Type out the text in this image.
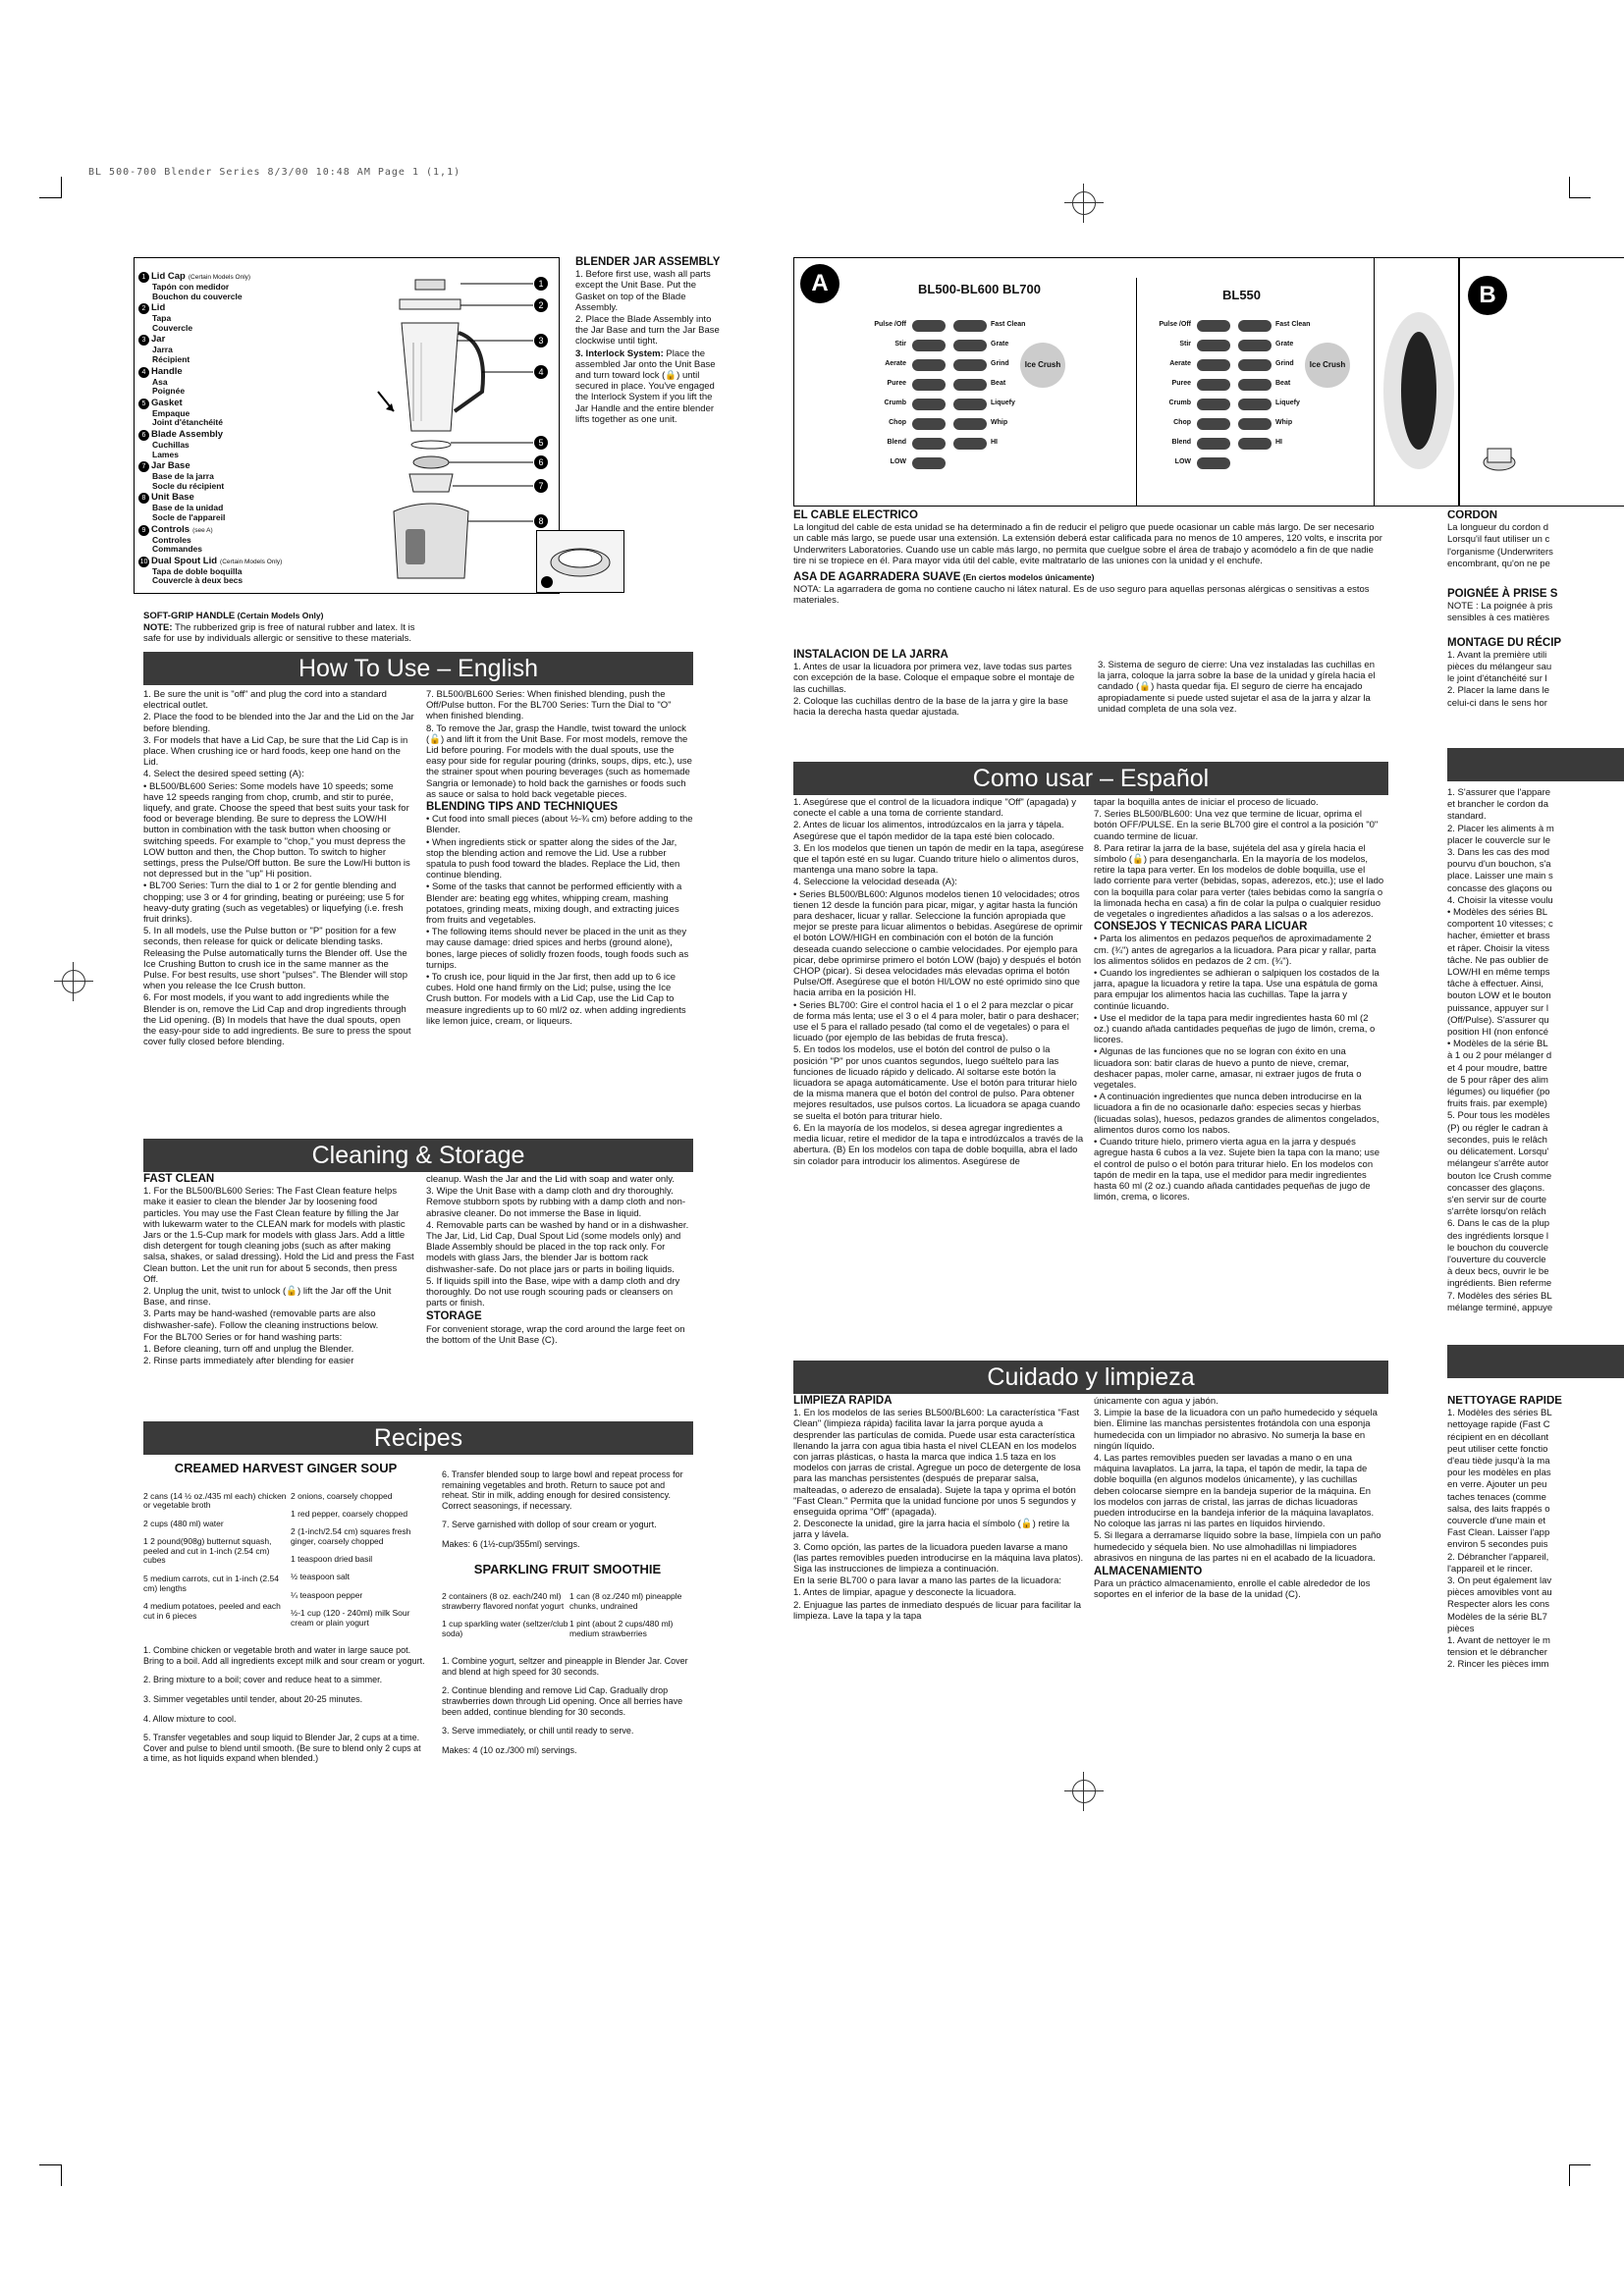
BL 500-700 Blender Series 8/3/00 10:48 AM Page 1 (1,1)
1 Lid Cap (Certain Models Only)
Tapón con medidor
Bouchon du couvercle
2 Lid
Tapa
Couvercle
3 Jar
Jarra
Récipient
4 Handle
Asa
Poignée
5 Gasket
Empaque
Joint d'étanchéité
6 Blade Assembly
Cuchillas
Lames
7 Jar Base
Base de la jarra
Socle du récipient
8 Unit Base
Base de la unidad
Socle de l'appareil
9 Controls (see A)
Controles
Commandes
10 Dual Spout Lid (Certain Models Only)
Tapa de doble boquilla
Couvercle à deux becs
1
2
3
4
5
6
7
8

BLENDER JAR ASSEMBLY

1. Before first use, wash all parts except the Unit Base. Put the Gasket on top of the Blade Assembly.

2. Place the Blade Assembly into the Jar Base and turn the Jar Base clockwise until tight.

3. Interlock System: Place the assembled Jar onto the Unit Base and turn toward lock (🔒) until secured in place. You've engaged the Interlock System if you lift the Jar Handle and the entire blender lifts together as one unit.

SOFT-GRIP HANDLE (Certain Models Only)

NOTE: The rubberized grip is free of natural rubber and latex. It is safe for use by individuals allergic or sensitive to these materials.

How To Use – English

1. Be sure the unit is "off" and plug the cord into a standard electrical outlet.

2. Place the food to be blended into the Jar and the Lid on the Jar before blending.

3. For models that have a Lid Cap, be sure that the Lid Cap is in place. When crushing ice or hard foods, keep one hand on the Lid.

4. Select the desired speed setting (A):

• BL500/BL600 Series: Some models have 10 speeds; some have 12 speeds ranging from chop, crumb, and stir to purée, liquefy, and grate. Choose the speed that best suits your task for food or beverage blending. Be sure to depress the LOW/HI button in combination with the task button when choosing or switching speeds. For example to "chop," you must depress the LOW button and then, the Chop button. To switch to higher settings, press the Pulse/Off button. Be sure the Low/Hi button is not depressed but in the "up" Hi position.

• BL700 Series: Turn the dial to 1 or 2 for gentle blending and chopping; use 3 or 4 for grinding, beating or puréeing; use 5 for heavy-duty grating (such as vegetables) or liquefying (i.e. fresh fruit drinks).

5. In all models, use the Pulse button or "P" position for a few seconds, then release for quick or delicate blending tasks. Releasing the Pulse automatically turns the Blender off. Use the Ice Crushing Button to crush ice in the same manner as the Pulse. For best results, use short "pulses". The Blender will stop when you release the Ice Crush button.

6. For most models, if you want to add ingredients while the Blender is on, remove the Lid Cap and drop ingredients through the Lid opening. (B) In models that have the dual spouts, open the easy-pour side to add ingredients. Be sure to press the spout cover fully closed before blending.

7. BL500/BL600 Series: When finished blending, push the Off/Pulse button. For the BL700 Series: Turn the Dial to "O" when finished blending.

8. To remove the Jar, grasp the Handle, twist toward the unlock (🔓) and lift it from the Unit Base. For most models, remove the Lid before pouring. For models with the dual spouts, use the easy pour side for regular pouring (drinks, soups, dips, etc.), use the strainer spout when pouring beverages (such as homemade Sangria or lemonade) to hold back the garnishes or foods such as sauce or salsa to hold back vegetable pieces.

BLENDING TIPS AND TECHNIQUES

• Cut food into small pieces (about ½-¾ cm) before adding to the Blender.

• When ingredients stick or spatter along the sides of the Jar, stop the blending action and remove the Lid. Use a rubber spatula to push food toward the blades. Replace the Lid, then continue blending.

• Some of the tasks that cannot be performed efficiently with a Blender are: beating egg whites, whipping cream, mashing potatoes, grinding meats, mixing dough, and extracting juices from fruits and vegetables.

• The following items should never be placed in the unit as they may cause damage: dried spices and herbs (ground alone), bones, large pieces of solidly frozen foods, tough foods such as turnips.

• To crush ice, pour liquid in the Jar first, then add up to 6 ice cubes. Hold one hand firmly on the Lid; pulse, using the Ice Crush button. For models with a Lid Cap, use the Lid Cap to measure ingredients up to 60 ml/2 oz. when adding ingredients like lemon juice, cream, or liqueurs.

Cleaning & Storage

FAST CLEAN

1. For the BL500/BL600 Series: The Fast Clean feature helps make it easier to clean the blender Jar by loosening food particles. You may use the Fast Clean feature by filling the Jar with lukewarm water to the CLEAN mark for models with plastic Jars or the 1.5-Cup mark for models with glass Jars. Add a little dish detergent for tough cleaning jobs (such as after making salsa, shakes, or salad dressing). Hold the Lid and press the Fast Clean button. Let the unit run for about 5 seconds, then press Off.

2. Unplug the unit, twist to unlock (🔓) lift the Jar off the Unit Base, and rinse.

3. Parts may be hand-washed (removable parts are also dishwasher-safe). Follow the cleaning instructions below.

For the BL700 Series or for hand washing parts:

1. Before cleaning, turn off and unplug the Blender.

2. Rinse parts immediately after blending for easier

cleanup. Wash the Jar and the Lid with soap and water only.

3. Wipe the Unit Base with a damp cloth and dry thoroughly. Remove stubborn spots by rubbing with a damp cloth and non-abrasive cleaner. Do not immerse the Base in liquid.

4. Removable parts can be washed by hand or in a dishwasher. The Jar, Lid, Lid Cap, Dual Spout Lid (some models only) and Blade Assembly should be placed in the top rack only. For models with glass Jars, the blender Jar is bottom rack dishwasher-safe. Do not place jars or parts in boiling liquids.

5. If liquids spill into the Base, wipe with a damp cloth and dry thoroughly. Do not use rough scouring pads or cleansers on parts or finish.

STORAGE

For convenient storage, wrap the cord around the large feet on the bottom of the Unit Base (C).

Recipes

CREAMED HARVEST GINGER SOUP

2 cans (14 ½ oz./435 ml each) chicken or vegetable broth

2 cups (480 ml) water

1 2 pound(908g) butternut squash, peeled and cut in 1-inch (2.54 cm) cubes

5 medium carrots, cut in 1-inch (2.54 cm) lengths

4 medium potatoes, peeled and each cut in 6 pieces

2 onions, coarsely chopped

1 red pepper, coarsely chopped

2 (1-inch/2.54 cm) squares fresh ginger, coarsely chopped

1 teaspoon dried basil

½ teaspoon salt

¼ teaspoon pepper

½-1 cup (120 - 240ml) milk Sour cream or plain yogurt

1. Combine chicken or vegetable broth and water in large sauce pot. Bring to a boil. Add all ingredients except milk and sour cream or yogurt.

2. Bring mixture to a boil; cover and reduce heat to a simmer.

3. Simmer vegetables until tender, about 20-25 minutes.

4. Allow mixture to cool.

5. Transfer vegetables and soup liquid to Blender Jar, 2 cups at a time. Cover and pulse to blend until smooth. (Be sure to blend only 2 cups at a time, as hot liquids expand when blended.)

6. Transfer blended soup to large bowl and repeat process for remaining vegetables and broth. Return to sauce pot and reheat. Stir in milk, adding enough for desired consistency. Correct seasonings, if necessary.

7. Serve garnished with dollop of sour cream or yogurt.

Makes: 6 (1½-cup/355ml) servings.

SPARKLING FRUIT SMOOTHIE

2 containers (8 oz. each/240 ml) strawberry flavored nonfat yogurt

1 cup sparkling water (seltzer/club soda)

1 can (8 oz./240 ml) pineapple chunks, undrained

1 pint (about 2 cups/480 ml) medium strawberries

1. Combine yogurt, seltzer and pineapple in Blender Jar. Cover and blend at high speed for 30 seconds.

2. Continue blending and remove Lid Cap. Gradually drop strawberries down through Lid opening. Once all berries have been added, continue blending for 30 seconds.

3. Serve immediately, or chill until ready to serve.

Makes: 4 (10 oz./300 ml) servings.

A	BL500-BL600 BL700	BL550
Pulse /Off	Fast Clean
Stir	Grate
Aerate	Grind
Puree	Beat
Crumb	Liquefy
Chop	Whip
Blend	HI
LOW
Ice Crush
Pulse /Off	Fast Clean
Stir	Grate
Aerate	Grind
Puree	Beat
Crumb	Liquefy
Chop	Whip
Blend	HI
LOW
Ice Crush
B

EL CABLE ELECTRICO

La longitud del cable de esta unidad se ha determinado a fin de reducir el peligro que puede ocasionar un cable más largo. De ser necesario un cable más largo, se puede usar una extensión. La extensión deberá estar calificada para no menos de 10 amperes, 120 volts, e inscrita por Underwriters Laboratories. Cuando use un cable más largo, no permita que cuelgue sobre el área de trabajo y acomódelo a fin de que nadie tire ni se tropiece en él. Para mayor vida útil del cable, evite maltratarlo de las uniones con la unidad y el enchufe.

ASA DE AGARRADERA SUAVE (En ciertos modelos únicamente)

NOTA: La agarradera de goma no contiene caucho ni látex natural. Es de uso seguro para aquellas personas alérgicas o sensitivas a estos materiales.

INSTALACION DE LA JARRA

1. Antes de usar la licuadora por primera vez, lave todas sus partes con excepción de la base. Coloque el empaque sobre el montaje de las cuchillas.

2. Coloque las cuchillas dentro de la base de la jarra y gire la base hacia la derecha hasta quedar ajustada.

3. Sistema de seguro de cierre: Una vez instaladas las cuchillas en la jarra, coloque la jarra sobre la base de la unidad y gírela hacia el candado (🔒) hasta quedar fija. El seguro de cierre ha encajado apropiadamente si puede usted sujetar el asa de la jarra y alzar la unidad completa de una sola vez.

Como usar – Español

1. Asegúrese que el control de la licuadora indique "Off" (apagada) y conecte el cable a una toma de corriente standard.

2. Antes de licuar los alimentos, introdúzcalos en la jarra y tápela. Asegúrese que el tapón medidor de la tapa esté bien colocado.

3. En los modelos que tienen un tapón de medir en la tapa, asegúrese que el tapón esté en su lugar. Cuando triture hielo o alimentos duros, mantenga una mano sobre la tapa.

4. Seleccione la velocidad deseada (A):

• Series BL500/BL600: Algunos modelos tienen 10 velocidades; otros tienen 12 desde la función para picar, migar, y agitar hasta la función para deshacer, licuar y rallar. Seleccione la función apropiada que mejor se preste para licuar alimentos o bebidas. Asegúrese de oprimir el botón LOW/HIGH en combinación con el botón de la función deseada cuando seleccione o cambie velocidades. Por ejemplo para picar, debe oprimirse primero el botón LOW (bajo) y después el botón CHOP (picar). Si desea velocidades más elevadas oprima el botón Pulse/Off. Asegúrese que el botón HI/LOW no esté oprimido sino que hacia arriba en la posición HI.

• Series BL700: Gire el control hacia el 1 o el 2 para mezclar o picar de forma más lenta; use el 3 o el 4 para moler, batir o para deshacer; use el 5 para el rallado pesado (tal como el de vegetales) o para el licuado (por ejemplo de las bebidas de fruta fresca).

5. En todos los modelos, use el botón del control de pulso o la posición "P" por unos cuantos segundos, luego suéltelo para las funciones de licuado rápido y delicado. Al soltarse este botón la licuadora se apaga automáticamente. Use el botón para triturar hielo de la misma manera que el botón del control de pulso. Para obtener mejores resultados, use pulsos cortos. La licuadora se apaga cuando se suelta el botón para triturar hielo.

6. En la mayoría de los modelos, si desea agregar ingredientes a media licuar, retire el medidor de la tapa e introdúzcalos a través de la abertura. (B) En los modelos con tapa de doble boquilla, abra el lado sin colador para introducir los alimentos. Asegúrese de

tapar la boquilla antes de iniciar el proceso de licuado.

7. Series BL500/BL600: Una vez que termine de licuar, oprima el botón OFF/PULSE. En la serie BL700 gire el control a la posición "0" cuando termine de licuar.

8. Para retirar la jarra de la base, sujétela del asa y gírela hacia el símbolo (🔓) para desengancharla. En la mayoría de los modelos, retire la tapa para verter. En los modelos de doble boquilla, use el lado corriente para verter (bebidas, sopas, aderezos, etc.); use el lado con la boquilla para colar para verter (tales bebidas como la sangría o la limonada hecha en casa) a fin de colar la pulpa o cualquier residuo de vegetales o ingredientes añadidos a las salsas o a los aderezos.

CONSEJOS Y TECNICAS PARA LICUAR

• Parta los alimentos en pedazos pequeños de aproximadamente 2 cm. (¾") antes de agregarlos a la licuadora. Para picar y rallar, parta los alimentos sólidos en pedazos de 2 cm. (¾").

• Cuando los ingredientes se adhieran o salpiquen los costados de la jarra, apague la licuadora y retire la tapa. Use una espátula de goma para empujar los alimentos hacia las cuchillas. Tape la jarra y continúe licuando.

• Use el medidor de la tapa para medir ingredientes hasta 60 ml (2 oz.) cuando añada cantidades pequeñas de jugo de limón, crema, o licores.

• Algunas de las funciones que no se logran con éxito en una licuadora son: batir claras de huevo a punto de nieve, cremar, deshacer papas, moler carne, amasar, ni extraer jugos de fruta o vegetales.

• A continuación ingredientes que nunca deben introducirse en la licuadora a fin de no ocasionarle daño: especies secas y hierbas (licuadas solas), huesos, pedazos grandes de alimentos congelados, alimentos duros como los nabos.

• Cuando triture hielo, primero vierta agua en la jarra y después agregue hasta 6 cubos a la vez. Sujete bien la tapa con la mano; use el control de pulso o el botón para triturar hielo. En los modelos con tapón de medir en la tapa, use el medidor para medir ingredientes hasta 60 ml (2 oz.) cuando añada cantidades pequeñas de jugo de limón, crema, o licores.

Cuidado y limpieza

LIMPIEZA RAPIDA

1. En los modelos de las series BL500/BL600: La característica "Fast Clean" (limpieza rápida) facilita lavar la jarra porque ayuda a desprender las partículas de comida. Puede usar esta característica llenando la jarra con agua tibia hasta el nivel CLEAN en los modelos con jarras plásticas, o hasta la marca que indica 1.5 taza en los modelos con jarras de cristal. Agregue un poco de detergente de losa para las manchas persistentes (después de preparar salsa, malteadas, o aderezo de ensalada). Sujete la tapa y oprima el botón "Fast Clean." Permita que la unidad funcione por unos 5 segundos y enseguida oprima "Off" (apagada).

2. Desconecte la unidad, gire la jarra hacia el símbolo (🔓) retire la jarra y lávela.

3. Como opción, las partes de la licuadora pueden lavarse a mano (las partes removibles pueden introducirse en la máquina lava platos). Siga las instrucciones de limpieza a continuación.

En la serie BL700 o para lavar a mano las partes de la licuadora:

1. Antes de limpiar, apague y desconecte la licuadora.

2. Enjuague las partes de inmediato después de licuar para facilitar la limpieza. Lave la tapa y la tapa

únicamente con agua y jabón.

3. Limpie la base de la licuadora con un paño humedecido y séquela bien. Elimine las manchas persistentes frotándola con una esponja humedecida con un limpiador no abrasivo. No sumerja la base en ningún líquido.

4. Las partes removibles pueden ser lavadas a mano o en una máquina lavaplatos. La jarra, la tapa, el tapón de medir, la tapa de doble boquilla (en algunos modelos únicamente), y las cuchillas deben colocarse siempre en la bandeja superior de la máquina. En los modelos con jarras de cristal, las jarras de dichas licuadoras pueden introducirse en la bandeja inferior de la máquina lavaplatos. No coloque las jarras ni las partes en líquidos hirviendo.

5. Si llegara a derramarse líquido sobre la base, límpiela con un paño humedecido y séquela bien. No use almohadillas ni limpiadores abrasivos en ninguna de las partes ni en el acabado de la licuadora.

ALMACENAMIENTO

Para un práctico almacenamiento, enrolle el cable alrededor de los soportes en el inferior de la base de la unidad (C).

CORDON

La longueur du cordon d

Lorsqu'il faut utiliser un c

l'organisme (Underwriters

encombrant, qu'on ne pe

POIGNÉE À PRISE S

NOTE : La poignée à pris

sensibles à ces matières

MONTAGE DU RÉCIP

1. Avant la première utili

pièces du mélangeur sau

le joint d'étanchéité sur l

2. Placer la lame dans le

celui-ci dans le sens hor

1. S'assurer que l'appare

et brancher le cordon da

standard.

2. Placer les aliments à m

placer le couvercle sur le

3. Dans les cas des mod

pourvu d'un bouchon, s'a

place. Laisser une main s

concasse des glaçons ou

4. Choisir la vitesse voulu

• Modèles des séries BL

comportent 10 vitesses; c

hacher, émietter et brass

et râper. Choisir la vitess

tâche. Ne pas oublier de

LOW/HI en même temps

tâche à effectuer. Ainsi,

bouton LOW et le bouton

puissance, appuyer sur l

(Off/Pulse). S'assurer qu

position HI (non enfoncé

• Modèles de la série BL

à 1 ou 2 pour mélanger d

et 4 pour moudre, battre

de 5 pour râper des alim

légumes) ou liquéfier (po

fruits frais. par exemple)

5. Pour tous les modèles

(P) ou régler le cadran à

secondes, puis le relâch

ou délicatement. Lorsqu'

mélangeur s'arrête autor

bouton Ice Crush comme

concasser des glaçons.

s'en servir sur de courte

s'arrête lorsqu'on relâch

6. Dans le cas de la plup

des ingrédients lorsque l

le bouchon du couvercle

l'ouverture du couvercle

à deux becs, ouvrir le be

ingrédients. Bien referme

7. Modèles des séries BL

mélange terminé, appuye

NETTOYAGE RAPIDE

1. Modèles des séries BL

nettoyage rapide (Fast C

récipient en en décollant

peut utiliser cette fonctio

d'eau tiède jusqu'à la ma

pour les modèles en plas

en verre. Ajouter un peu

taches tenaces (comme

salsa, des laits frappés o

couvercle d'une main et

Fast Clean. Laisser l'app

environ 5 secondes puis

2. Débrancher l'appareil,

l'appareil et le rincer.

3. On peut également lav

pièces amovibles vont au

Respecter alors les cons

Modèles de la série BL7

pièces

1. Avant de nettoyer le m

tension et le débrancher

2. Rincer les pièces imm
